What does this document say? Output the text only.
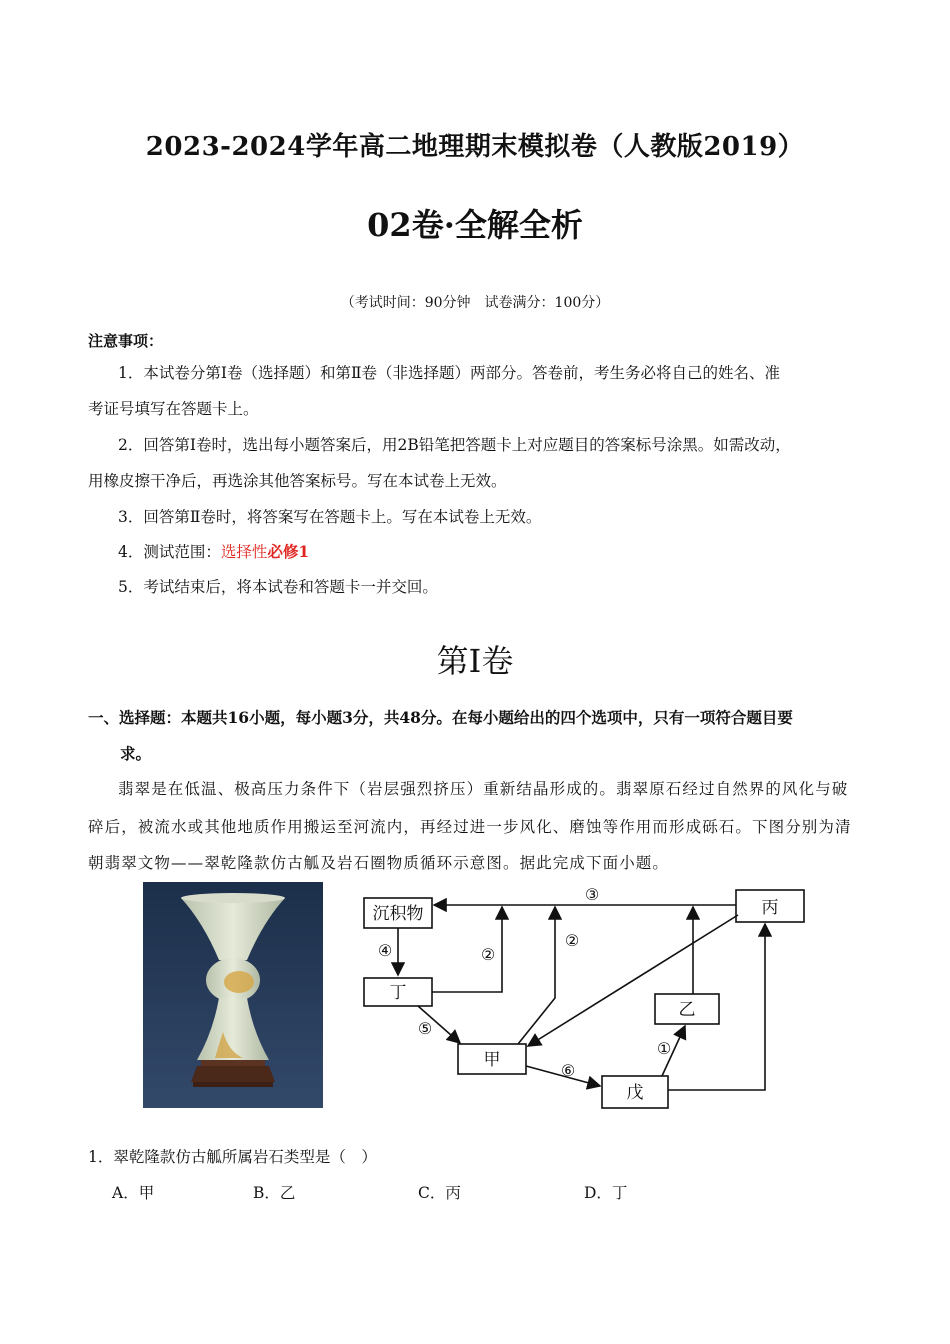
2023-2024学年高二地理期末模拟卷（人教版2019）
02卷·全解全析
（考试时间：90分钟　试卷满分：100分）
注意事项：
1．本试卷分第Ⅰ卷（选择题）和第Ⅱ卷（非选择题）两部分。答卷前，考生务必将自己的姓名、准
考证号填写在答题卡上。
2．回答第Ⅰ卷时，选出每小题答案后，用2B铅笔把答题卡上对应题目的答案标号涂黑。如需改动，
用橡皮擦干净后，再选涂其他答案标号。写在本试卷上无效。
3．回答第Ⅱ卷时，将答案写在答题卡上。写在本试卷上无效。
4．测试范围：选择性必修1
5．考试结束后，将本试卷和答题卡一并交回。
第Ⅰ卷
一、选择题：本题共16小题，每小题3分，共48分。在每小题给出的四个选项中，只有一项符合题目要
求。
翡翠是在低温、极高压力条件下（岩层强烈挤压）重新结晶形成的。翡翠原石经过自然界的风化与破
碎后，被流水或其他地质作用搬运至河流内，再经过进一步风化、磨蚀等作用而形成砾石。下图分别为清
朝翡翠文物——翠乾隆款仿古觚及岩石圈物质循环示意图。据此完成下面小题。
沉积物	丙
丁
甲
乙
戊
③
④	②
②
⑤
⑥
①
1．翠乾隆款仿古觚所属岩石类型是（　）
A．甲	B．乙	C．丙	D．丁
